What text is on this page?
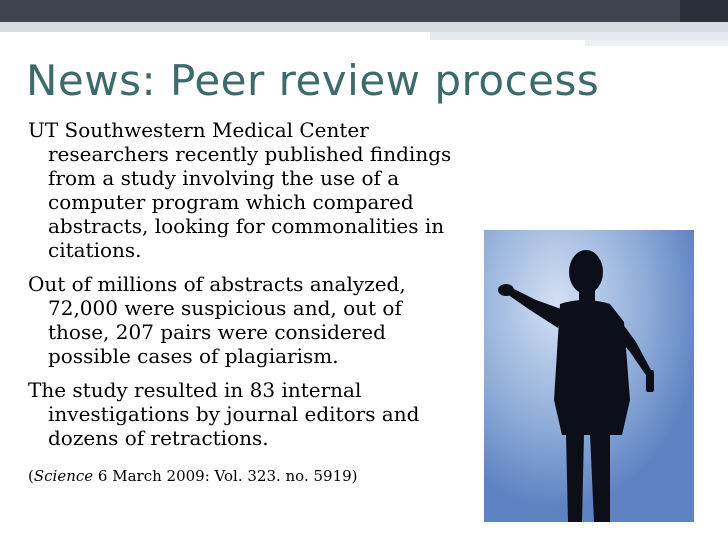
News: Peer review process

UT Southwestern Medical Center researchers recently published findings from a study involving the use of a computer program which compared abstracts, looking for commonalities in citations.

Out of millions of abstracts analyzed, 72,000 were suspicious and, out of those, 207 pairs were considered possible cases of plagiarism.

The study resulted in 83 internal investigations by journal editors and dozens of retractions.

(Science 6 March 2009: Vol. 323. no. 5919)
